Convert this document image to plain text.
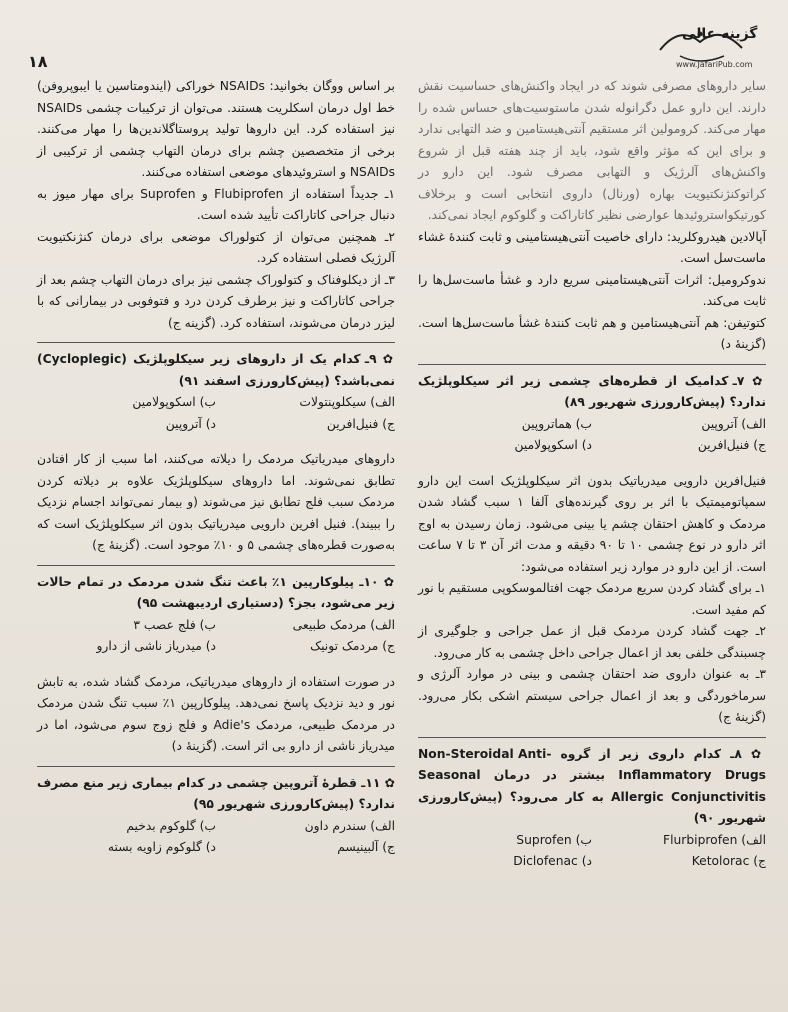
۱۸
گزینه عالی
www.JafariPub.com

سایر داروهای مصرفی شوند که در ایجاد واکنش‌های حساسیت نقش دارند. این دارو عمل دگرانوله شدن ماستوسیت‌های حساس شده را مهار می‌کند. کرومولین اثر مستقیم آنتی‌هیستامین و ضد التهابی ندارد و برای این که مؤثر واقع شود، باید از چند هفته قبل از شروع واکنش‌های آلرژیک و التهابی مصرف شود. این دارو در کراتوکنژنکتیویت بهاره (ورنال) داروی انتخابی است و برخلاف کورتیکواستروئیدها عوارضی نظیر کاتاراکت و گلوکوم ایجاد نمی‌کند.

آپالادین هیدروکلرید: دارای خاصیت آنتی‌هیستامینی و ثابت کنندهٔ غشاء ماست‌سل است.

ندوکرومیل: اثرات آنتی‌هیستامینی سریع دارد و غشأ ماست‌سل‌ها را ثابت می‌کند.

کتوتیفن: هم آنتی‌هیستامین و هم ثابت کنندهٔ غشأ ماست‌سل‌ها است. (گزینهٔ د)

✿ ۷ـ کدامیک از قطره‌های چشمی زیر اثر سیکلوپلژیک ندارد؟ (پیش‌کارورزی شهریور ۸۹)

الف) آتروپین
ب) هماتروپین
ج) فنیل‌افرین
د) اسکوپولامین

فنیل‌افرین دارویی میدریاتیک بدون اثر سیکلوپلژیک است این دارو سمپاتومیمتیک با اثر بر روی گیرنده‌های آلفا ۱ سبب گشاد شدن مردمک و کاهش احتقان چشم یا بینی می‌شود. زمان رسیدن به اوج اثر دارو در نوع چشمی ۱۰ تا ۹۰ دقیقه و مدت اثر آن ۳ تا ۷ ساعت است. از این دارو در موارد زیر استفاده می‌شود:

۱ـ برای گشاد کردن سریع مردمک جهت افتالموسکوپی مستقیم با نور کم مفید است.

۲ـ جهت گشاد کردن مردمک قبل از عمل جراحی و جلوگیری از چسبندگی خلفی بعد از اعمال جراحی داخل چشمی به کار می‌رود.

۳ـ به عنوان داروی ضد احتقان چشمی و بینی در موارد آلرژی و سرماخوردگی و بعد از اعمال جراحی سیستم اشکی بکار می‌رود. (گزینهٔ ج)

✿ ۸ـ کدام داروی زیر از گروه Non-Steroidal Anti-Inflammatory Drugs بیشتر در درمان Seasonal Allergic Conjunctivitis به کار می‌رود؟ (پیش‌کارورزی شهریور ۹۰)

الف) Flurbiprofen
ب) Suprofen
ج) Ketolorac
د) Diclofenac

بر اساس ووگان بخوانید: NSAIDs خوراکی (ایندومتاسین یا ایبوپروفن) خط اول درمان اسکلریت هستند. می‌توان از ترکیبات چشمی NSAIDs نیز استفاده کرد. این داروها تولید پروستاگلاندین‌ها را مهار می‌کنند. برخی از متخصصین چشم برای درمان التهاب چشمی از ترکیبی از NSAIDs و استروئیدهای موضعی استفاده می‌کنند.

۱ـ جدیداً استفاده از Flubiprofen و Suprofen برای مهار میوز به دنبال جراحی کاتاراکت تأیید شده است.

۲ـ همچنین می‌توان از کتولوراک موضعی برای درمان کنژنکتیویت آلرژیک فصلی استفاده کرد.

۳ـ از دیکلوفناک و کتولوراک چشمی نیز برای درمان التهاب چشم بعد از جراحی کاتاراکت و نیز برطرف کردن درد و فتوفوبی در بیمارانی که با لیزر درمان می‌شوند، استفاده کرد. (گزینه ج)

✿ ۹ـ کدام یک از داروهای زیر سیکلوپلژیک (Cycloplegic) نمی‌باشد؟ (پیش‌کارورزی اسفند ۹۱)

الف) سیکلوپنتولات
ب) اسکوپولامین
ج) فنیل‌افرین
د) آتروپین

داروهای میدریاتیک مردمک را دیلاته می‌کنند، اما سبب از کار افتادن تطابق نمی‌شوند. اما داروهای سیکلوپلژیک علاوه بر دیلاته کردن مردمک سبب فلج تطابق نیز می‌شوند (و بیمار نمی‌تواند اجسام نزدیک را ببیند). فنیل افرین دارویی میدریاتیک بدون اثر سیکلوپلژیک است که به‌صورت قطره‌های چشمی ۵ و ۱۰٪ موجود است. (گزینهٔ ج)

✿ ۱۰ـ پیلوکارپین ۱٪ باعث تنگ شدن مردمک در تمام حالات زیر می‌شود، بجز؟ (دستیاری اردیبهشت ۹۵)

الف) مردمک طبیعی
ب) فلج عصب ۳
ج) مردمک تونیک
د) میدریاز ناشی از دارو

در صورت استفاده از داروهای میدریاتیک، مردمک گشاد شده، به تابش نور و دید نزدیک پاسخ نمی‌دهد. پیلوکارپین ۱٪ سبب تنگ شدن مردمک در مردمک طبیعی، مردمک Adie's و فلج زوج سوم می‌شود، اما در میدریاز ناشی از دارو بی اثر است. (گزینهٔ د)

✿ ۱۱ـ قطرهٔ آتروپین چشمی در کدام بیماری زیر منع مصرف ندارد؟ (پیش‌کارورزی شهریور ۹۵)

الف) سندرم داون
ب) گلوکوم بدخیم
ج) آلبینیسم
د) گلوکوم زاویه بسته
